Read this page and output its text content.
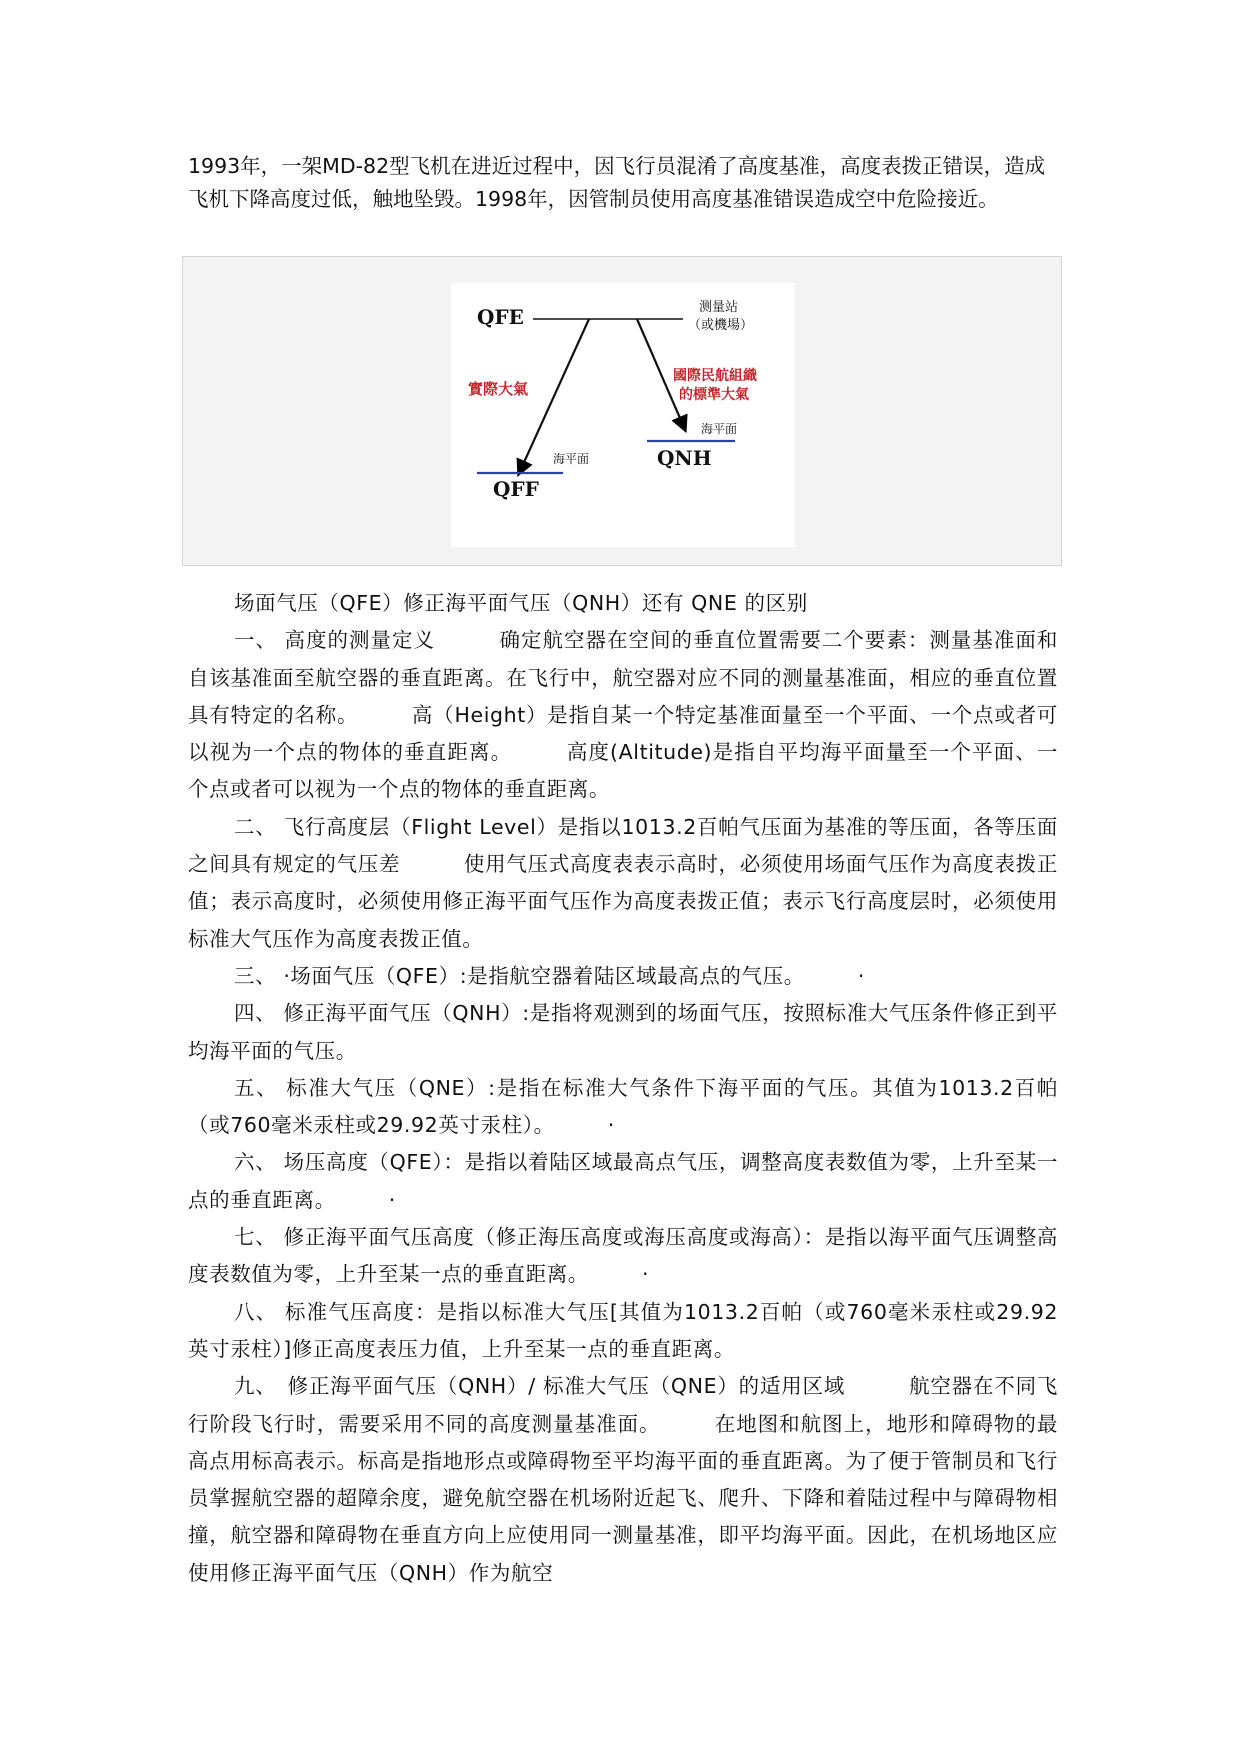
1993年，一架MD-82型飞机在进近过程中，因飞行员混淆了高度基准，高度表拨正错误，造成飞机下降高度过低，触地坠毁。1998年，因管制员使用高度基准错误造成空中危险接近。

QFE	测量站
（或機場）
實際大氣
國際民航組織
的標準大氣
海平面
QNH
海平面
QFF

场面气压（QFE）修正海平面气压（QNH）还有 QNE 的区别

一、 高度的测量定义　　　确定航空器在空间的垂直位置需要二个要素：测量基准面和自该基准面至航空器的垂直距离。在飞行中，航空器对应不同的测量基准面，相应的垂直位置具有特定的名称。　　　高（Height）是指自某一个特定基准面量至一个平面、一个点或者可以视为一个点的物体的垂直距离。　　　高度(Altitude)是指自平均海平面量至一个平面、一个点或者可以视为一个点的物体的垂直距离。

二、 飞行高度层（Flight Level）是指以1013.2百帕气压面为基准的等压面，各等压面之间具有规定的气压差　　　使用气压式高度表表示高时，必须使用场面气压作为高度表拨正值；表示高度时，必须使用修正海平面气压作为高度表拨正值；表示飞行高度层时，必须使用标准大气压作为高度表拨正值。

三、 ·场面气压（QFE）:是指航空器着陆区域最高点的气压。　　　·

四、 修正海平面气压（QNH）:是指将观测到的场面气压，按照标准大气压条件修正到平均海平面的气压。

五、 标准大气压（QNE）:是指在标准大气条件下海平面的气压。其值为1013.2百帕（或760毫米汞柱或29.92英寸汞柱）。　　　·

六、 场压高度（QFE）：是指以着陆区域最高点气压，调整高度表数值为零，上升至某一点的垂直距离。　　　·

七、 修正海平面气压高度（修正海压高度或海压高度或海高）：是指以海平面气压调整高度表数值为零，上升至某一点的垂直距离。　　　·

八、 标准气压高度：是指以标准大气压[其值为1013.2百帕（或760毫米汞柱或29.92英寸汞柱）]修正高度表压力值，上升至某一点的垂直距离。

九、　修正海平面气压（QNH）/ 标准大气压（QNE）的适用区域　　　航空器在不同飞行阶段飞行时，需要采用不同的高度测量基准面。　　　在地图和航图上，地形和障碍物的最高点用标高表示。标高是指地形点或障碍物至平均海平面的垂直距离。为了便于管制员和飞行员掌握航空器的超障余度，避免航空器在机场附近起飞、爬升、下降和着陆过程中与障碍物相撞，航空器和障碍物在垂直方向上应使用同一测量基准，即平均海平面。因此，在机场地区应使用修正海平面气压（QNH）作为航空
